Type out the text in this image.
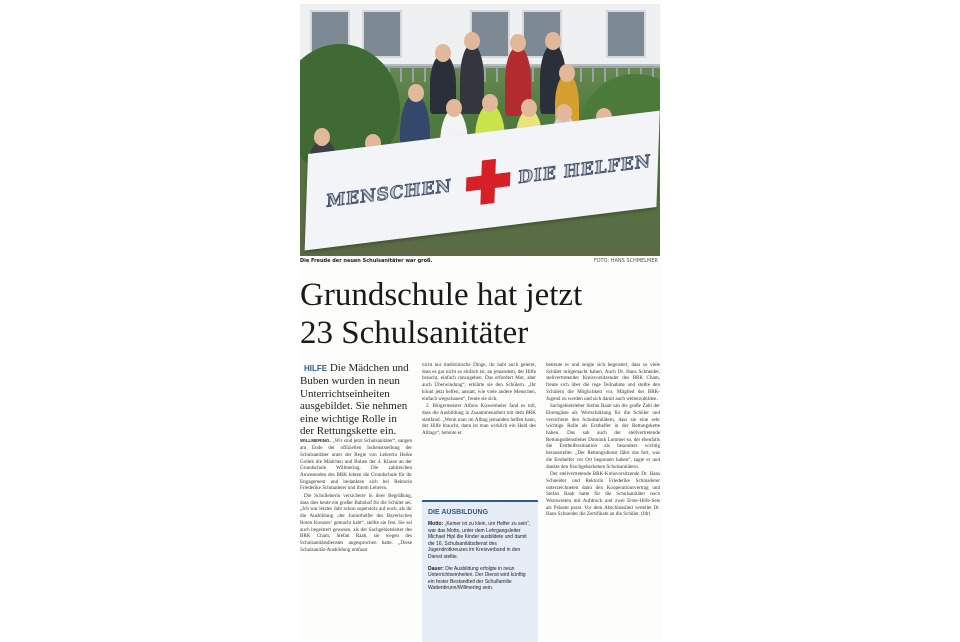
MENSCHEN
DIE HELFEN
Die Freude der neuen Schulsanitäter war groß.	FOTO: HANS SCHMELMER
Grundschule hat jetzt
23 Schulsanitäter

HILFE Die Mädchen und Buben wurden in neun Unterrichtseinheiten ausgebildet. Sie nehmen eine wichtige Rolle in der Rettungskette ein.

WILLMERING. „Wir sind jetzt Schulsanitäter“, sangen am Ende der offiziellen Indienststellung der Schulsanitäter unter der Regie von Lehrerin Heike Gollek die Mädchen und Buben der 4. Klasse an der Grundschule Willmering. Die zahlreichen Anwesenden des BRK lobten die Grundschule für ihr Engagement und bedankten sich bei Rektorin Friederike Schmaderer und ihrem Lehrern.

Die Schulleiterin versicherte in ihrer Begrüßung, dass dies heute ein großer Bahnhof für die Schüler sei. „Ich war letztes Jahr schon superstolz auf euch, als ihr die Ausbildung ‚der Juniorhelfer des Bayerischen Roten Kreuzes‘ gemacht habt“, stellte sie fest. Sie sei auch begeistert gewesen, als der Sachgebietsleiter des BRK Cham, Stefan Raab, sie wegen des Schulsanitätsdienstes angesprochen hatte. „Diese Schulsanität-Ausbildung umfasst

nicht nur medizinische Dinge, ihr habt auch gelernt, dass es gar nicht so einfach ist, an jemandem, der Hilfe braucht, einfach ranzugehen. Das erfordert Mut, aber auch Überwindung“, erklärte sie den Schülern. „Ihr könnt jetzt helfen, anstatt, wie viele andere Menschen, einfach wegschauen“, freute sie sich.

2. Bürgermeister Alfons Kiswetmeier fand es toll, dass die Ausbildung in Zusammenarbeit mit dem BRK stattfand. „Wenn man im Alltag jemanden helfen kann, der Hilfe braucht, dann ist man wirklich ein Held des Alltags“, betonte er.

DIE AUSBILDUNG

Motto: „Keiner ist zu klein, um Helfer zu sein“, war das Motto, unter dem Lehrgangsleiter Michael Hipl die Kinder ausbildete und damit die 16. Schulsanitätsdienst des Jugendrotkreuzes im Kreisverband in den Dienst stellte.

Dauer: Die Ausbildung erfolgte in neun Unterrichtseinheiten. Der Dienst wird künftig ein fester Bestandteil der Schulfamilie Wattenbrunn/Willmering sein.

betreute er und zeigte sich begeistert, dass so viele Schüler mitgemacht haben. Auch Dr. Hans Schneider, stellvertretender Kreisvorsitzender des BRK Cham, freute sich über die rege Teilnahme und stellte den Schülern die Möglichkeit vor, Mitglied der BRK-Jugend zu werden und sich damit auch weiterzubilden.

Sachgebietsleiter Stefan Raab sah die große Zahl der Ehrengäste als Wertschätzung für die Schüler und versicherte den Schulsanitätern, dass sie eine sehr wichtige Rolle als Ersthelfer in der Rettungskette haben. Das sah auch der stellvertretende Rettungsdienstleiter Dominik Lommer so, der ebenfalls die Ersthelfersituation als besonders wichtig herausstellte. „Der Rettungsdienst fährt das fort, was die Ersthelfer vor Ort begonnen haben“, sagte er und dankte den frischgebackenen Schulsanitätern.

Der stellvertretende BRK-Kreisvorsitzende Dr. Hans Schneider und Rektorin Friederike Schmaderer unterzeichneten dann den Kooperationsvertrag und Stefan Raab hatte für die Schulsanitäter noch Warnwesten mit Aufdruck und zwei Erste-Hilfe-Sets als Präsent parat. Vor dem Abschlusslied verteilte Dr. Hans Schneider die Zertifikate an die Schüler. (fdr)
